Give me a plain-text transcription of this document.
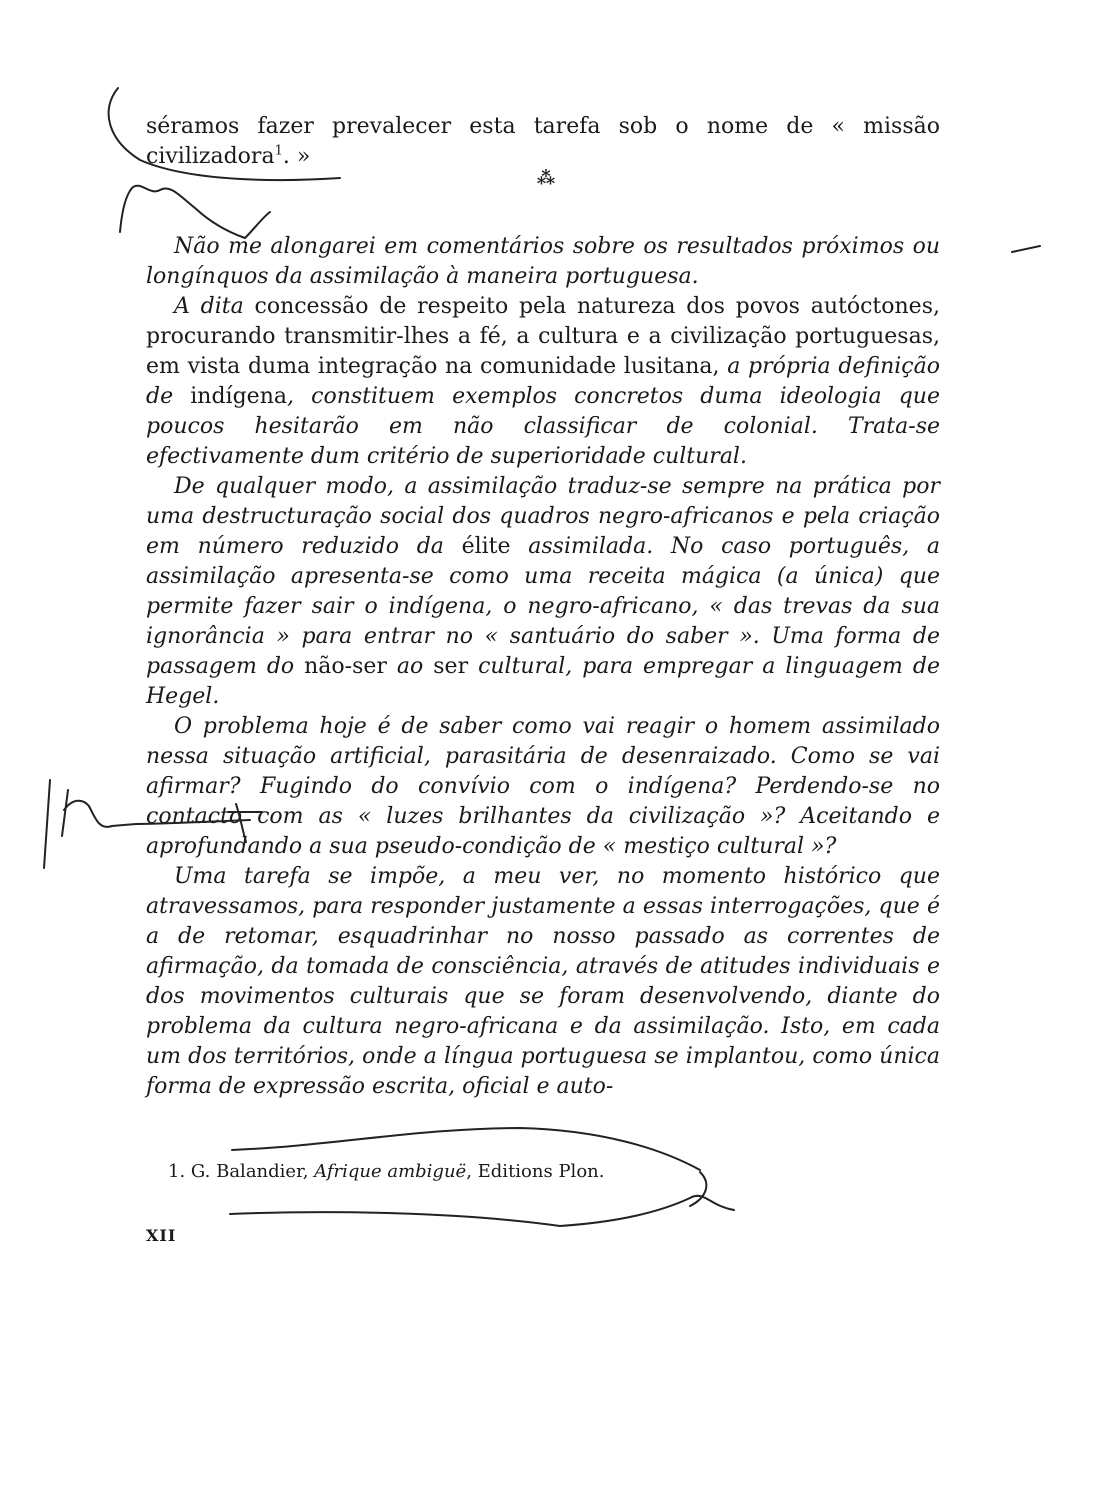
séramos fazer prevalecer esta tarefa sob o nome de « missão civilizadora$^1$. »

⁂

Não me alongarei em comentários sobre os resultados próximos ou longínquos da assimilação à maneira portuguesa.

A dita concessão de respeito pela natureza dos povos autóctones, procurando transmitir-lhes a fé, a cultura e a civilização portuguesas, em vista duma integração na comunidade lusitana, a própria definição de indígena, constituem exemplos concretos duma ideologia que poucos hesitarão em não classificar de colonial. Trata-se efectivamente dum critério de superioridade cultural.

De qualquer modo, a assimilação traduz-se sempre na prática por uma destructuração social dos quadros negro-africanos e pela criação em número reduzido da élite assimilada. No caso português, a assimilação apresenta-se como uma receita mágica (a única) que permite fazer sair o indígena, o negro-africano, « das trevas da sua ignorância » para entrar no « santuário do saber ». Uma forma de passagem do não-ser ao ser cultural, para empregar a linguagem de Hegel.

O problema hoje é de saber como vai reagir o homem assimilado nessa situação artificial, parasitária de desenraizado. Como se vai afirmar? Fugindo do convívio com o indígena? Perdendo-se no contacto com as « luzes brilhantes da civilização »? Aceitando e aprofundando a sua pseudo-condição de « mestiço cultural »?

Uma tarefa se impõe, a meu ver, no momento histórico que atravessamos, para responder justamente a essas interrogações, que é a de retomar, esquadrinhar no nosso passado as correntes de afirmação, da tomada de consciência, através de atitudes individuais e dos movimentos culturais que se foram desenvolvendo, diante do problema da cultura negro-africana e da assimilação. Isto, em cada um dos territórios, onde a língua portuguesa se implantou, como única forma de expressão escrita, oficial e auto-

1. G. Balandier, Afrique ambiguë, Editions Plon.
XII
